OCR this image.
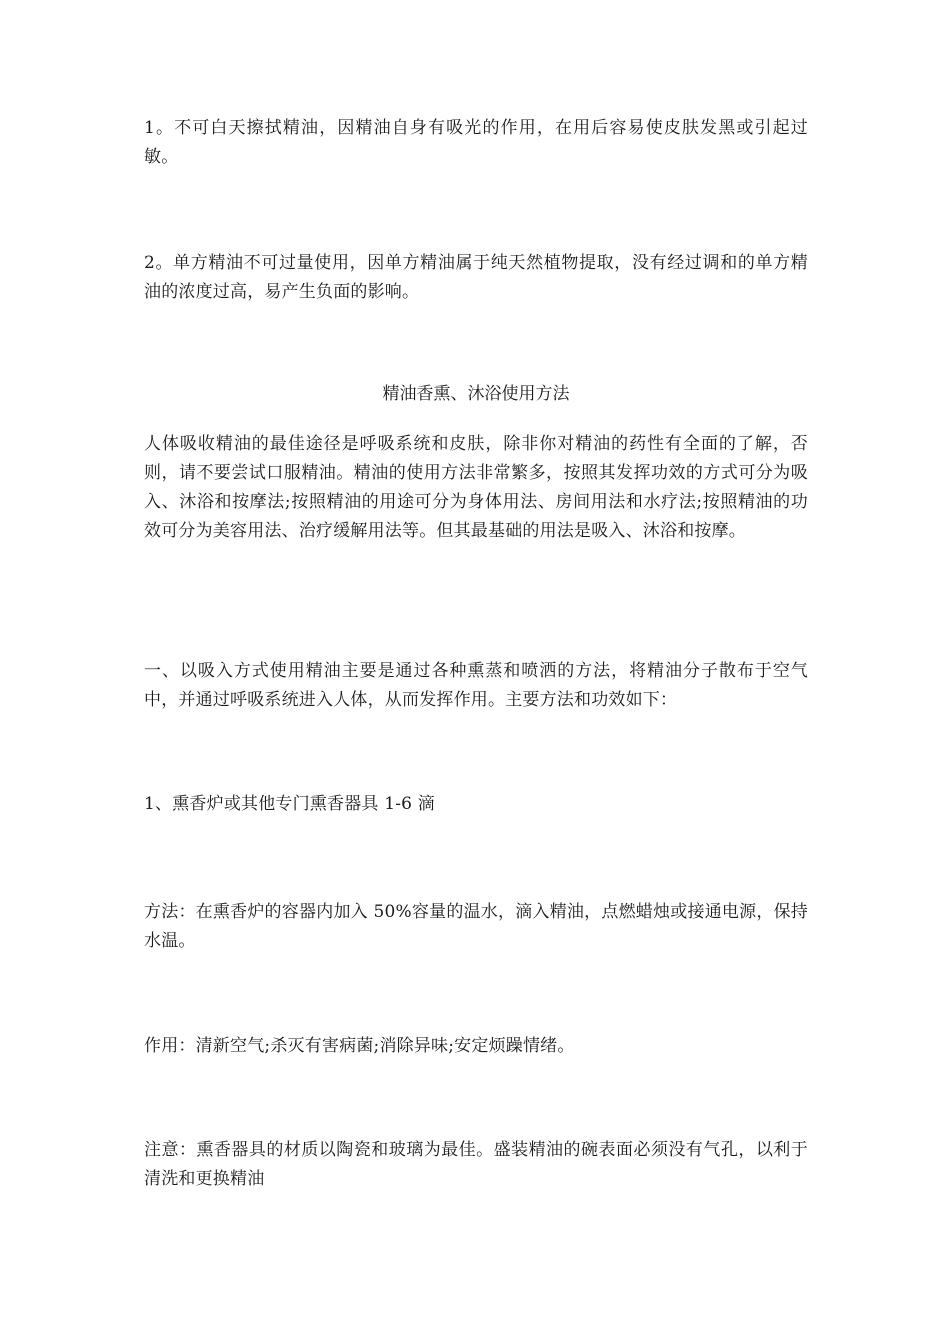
1。不可白天擦拭精油，因精油自身有吸光的作用，在用后容易使皮肤发黑或引起过敏。

2。单方精油不可过量使用，因单方精油属于纯天然植物提取，没有经过调和的单方精油的浓度过高，易产生负面的影响。

精油香熏、沐浴使用方法

人体吸收精油的最佳途径是呼吸系统和皮肤，除非你对精油的药性有全面的了解，否则，请不要尝试口服精油。精油的使用方法非常繁多，按照其发挥功效的方式可分为吸入、沐浴和按摩法;按照精油的用途可分为身体用法、房间用法和水疗法;按照精油的功效可分为美容用法、治疗缓解用法等。但其最基础的用法是吸入、沐浴和按摩。

一、以吸入方式使用精油主要是通过各种熏蒸和喷洒的方法，将精油分子散布于空气中，并通过呼吸系统进入人体，从而发挥作用。主要方法和功效如下：

1、熏香炉或其他专门熏香器具 1-6 滴

方法：在熏香炉的容器内加入 50%容量的温水，滴入精油，点燃蜡烛或接通电源，保持水温。

作用：清新空气;杀灭有害病菌;消除异味;安定烦躁情绪。

注意：熏香器具的材质以陶瓷和玻璃为最佳。盛装精油的碗表面必须没有气孔，以利于清洗和更换精油
